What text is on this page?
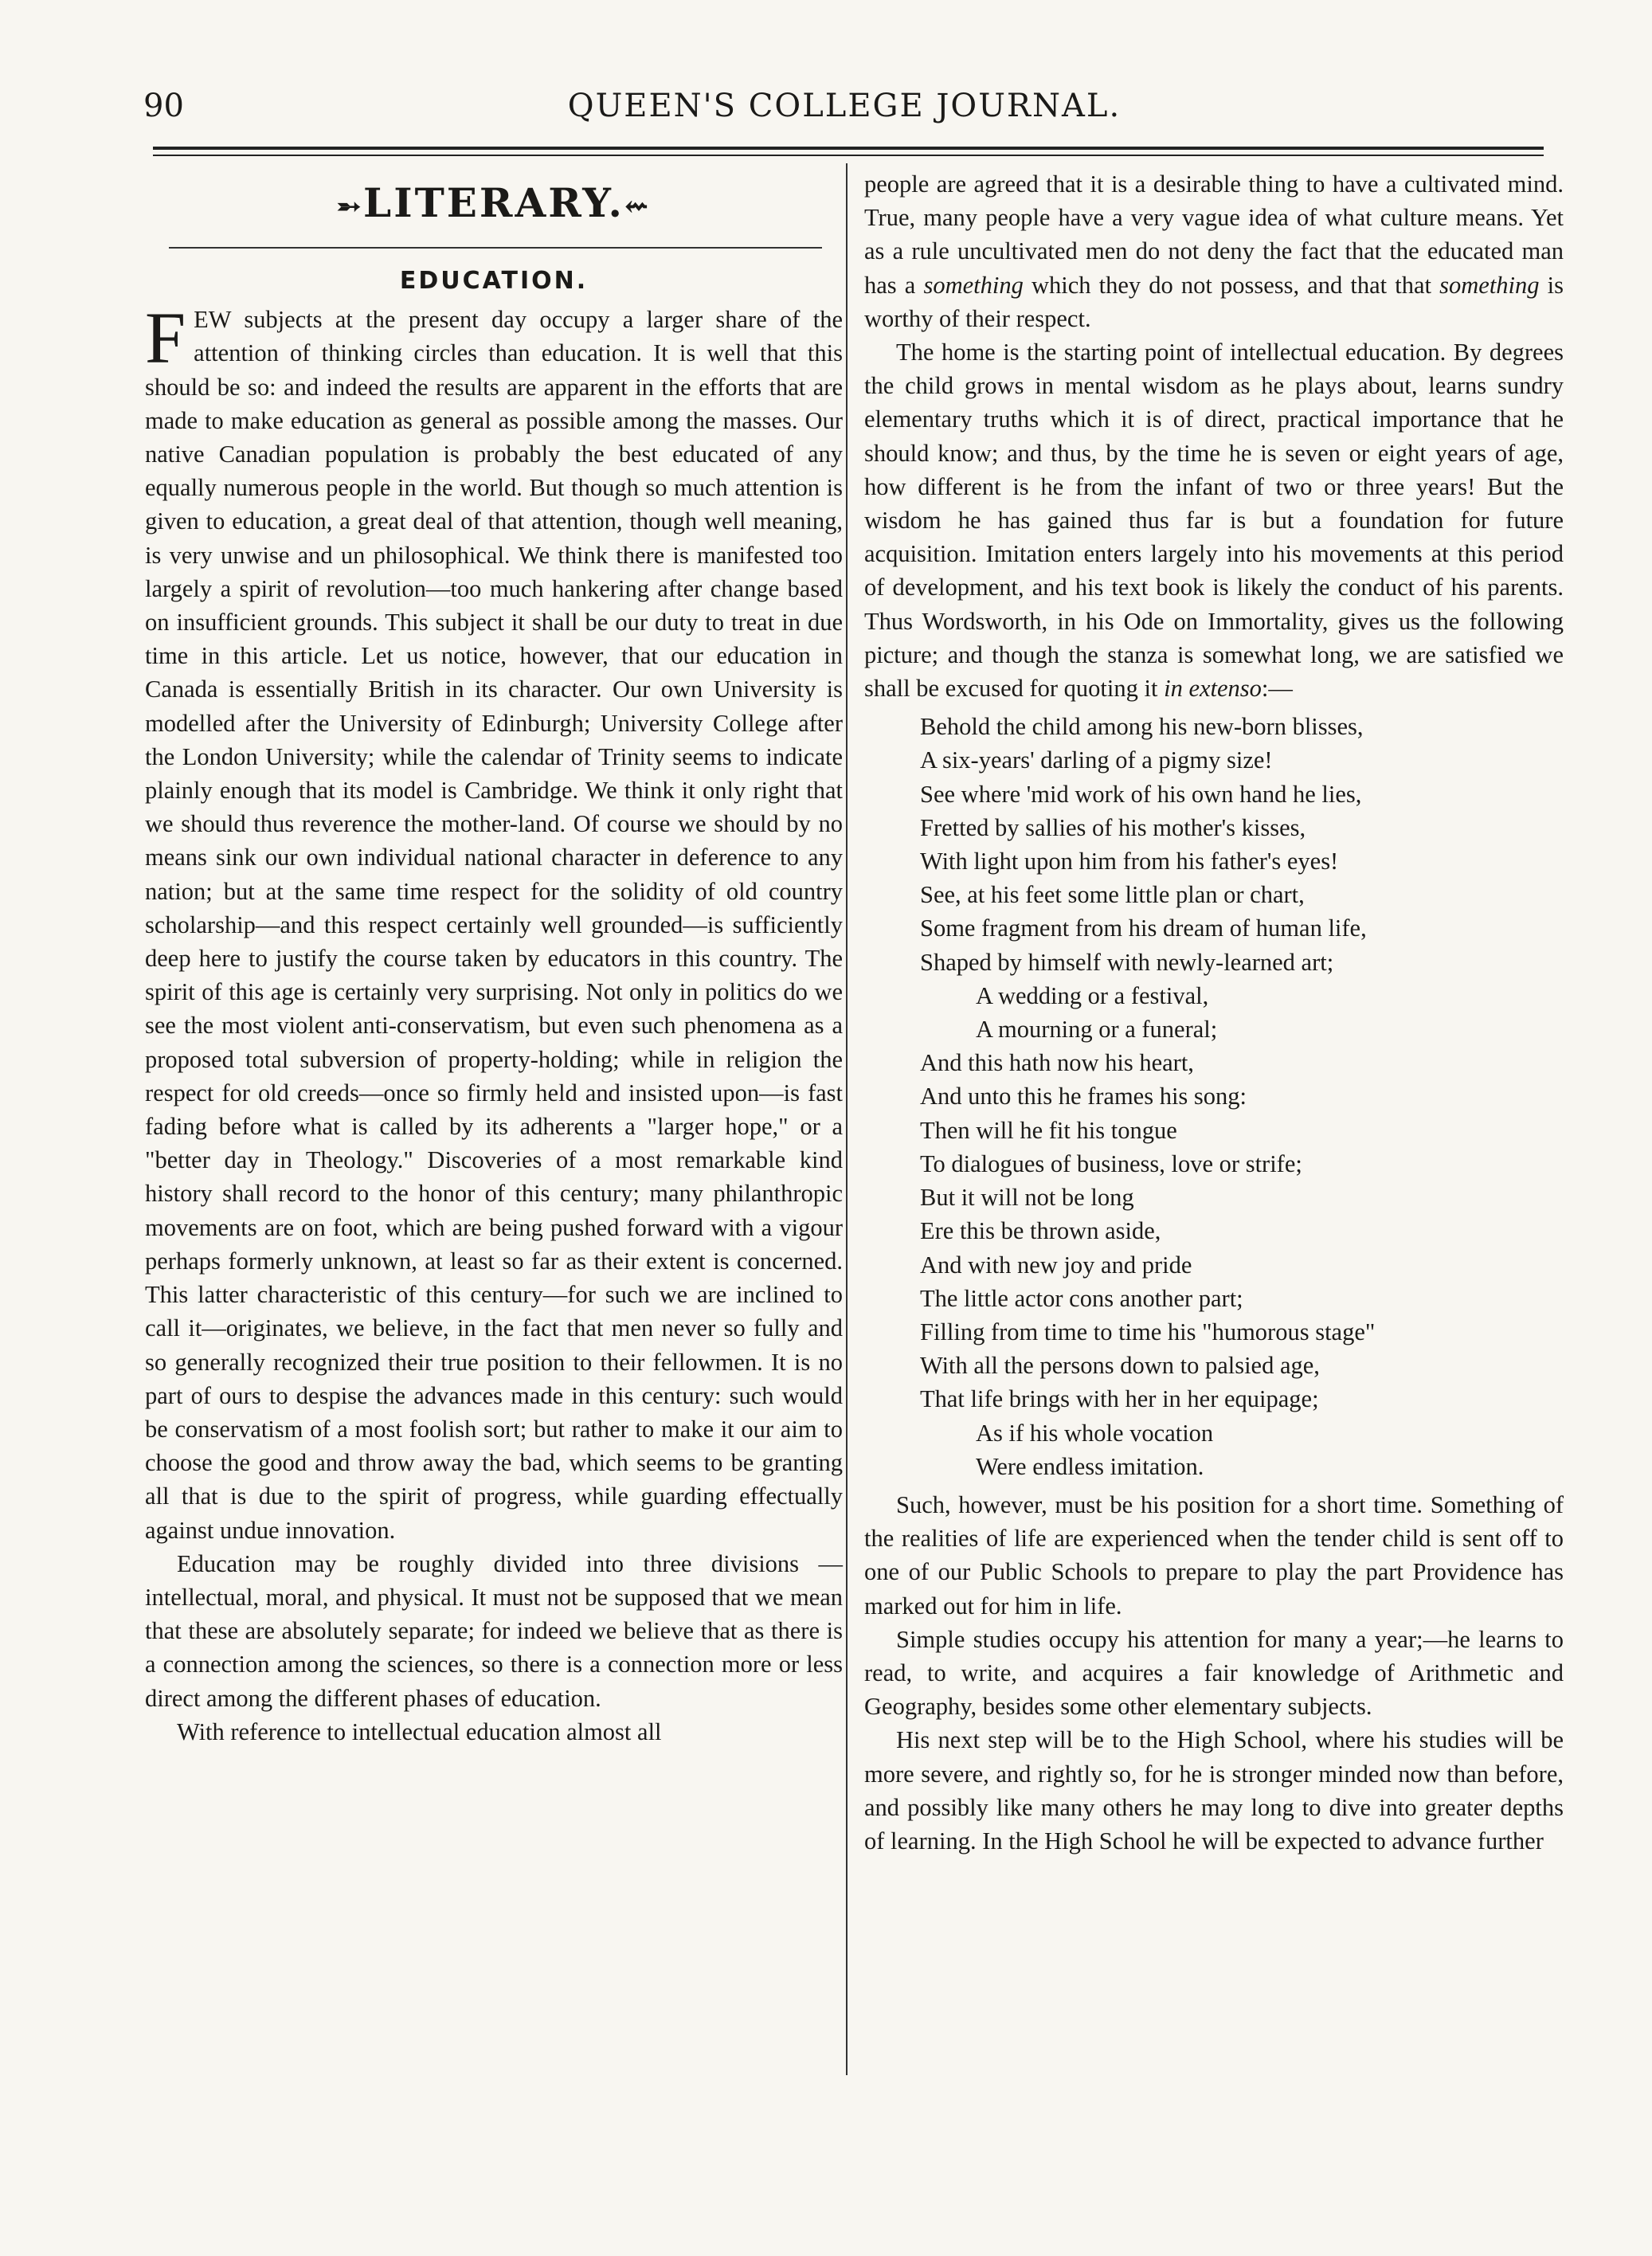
90	QUEEN'S COLLEGE JOURNAL.
➵LITERARY.⇜
EDUCATION.

FEW subjects at the present day occupy a larger share of the attention of thinking circles than education. It is well that this should be so: and indeed the results are apparent in the efforts that are made to make education as general as possible among the masses. Our native Canadian population is probably the best educated of any equally numerous people in the world. But though so much attention is given to education, a great deal of that attention, though well meaning, is very unwise and un philosophical. We think there is manifested too largely a spirit of revolution—too much hankering after change based on insufficient grounds. This subject it shall be our duty to treat in due time in this article. Let us notice, however, that our education in Canada is essentially British in its character. Our own University is modelled after the University of Edinburgh; University College after the London University; while the calendar of Trinity seems to indicate plainly enough that its model is Cambridge. We think it only right that we should thus reverence the mother-land. Of course we should by no means sink our own individual national character in deference to any nation; but at the same time respect for the solidity of old country scholarship—and this respect certainly well grounded—is sufficiently deep here to justify the course taken by educators in this country. The spirit of this age is certainly very surprising. Not only in politics do we see the most violent anti-conservatism, but even such phenomena as a proposed total subversion of property-holding; while in religion the respect for old creeds—once so firmly held and insisted upon—is fast fading before what is called by its adherents a "larger hope," or a "better day in Theology." Discoveries of a most remarkable kind history shall record to the honor of this century; many philanthropic movements are on foot, which are being pushed forward with a vigour perhaps formerly unknown, at least so far as their extent is concerned. This latter characteristic of this century—for such we are inclined to call it—originates, we believe, in the fact that men never so fully and so generally recognized their true position to their fellowmen. It is no part of ours to despise the advances made in this century: such would be conservatism of a most foolish sort; but rather to make it our aim to choose the good and throw away the bad, which seems to be granting all that is due to the spirit of progress, while guarding effectually against undue innovation.

Education may be roughly divided into three divisions —intellectual, moral, and physical. It must not be supposed that we mean that these are absolutely separate; for indeed we believe that as there is a connection among the sciences, so there is a connection more or less direct among the different phases of education.

With reference to intellectual education almost all

people are agreed that it is a desirable thing to have a cultivated mind. True, many people have a very vague idea of what culture means. Yet as a rule uncultivated men do not deny the fact that the educated man has a something which they do not possess, and that that something is worthy of their respect.

The home is the starting point of intellectual education. By degrees the child grows in mental wisdom as he plays about, learns sundry elementary truths which it is of direct, practical importance that he should know; and thus, by the time he is seven or eight years of age, how different is he from the infant of two or three years! But the wisdom he has gained thus far is but a foundation for future acquisition. Imitation enters largely into his movements at this period of development, and his text book is likely the conduct of his parents. Thus Wordsworth, in his Ode on Immortality, gives us the following picture; and though the stanza is somewhat long, we are satisfied we shall be excused for quoting it in extenso:—

Behold the child among his new-born blisses,
A six-years' darling of a pigmy size!
See where 'mid work of his own hand he lies,
Fretted by sallies of his mother's kisses,
With light upon him from his father's eyes!
See, at his feet some little plan or chart,
Some fragment from his dream of human life,
Shaped by himself with newly-learned art;
A wedding or a festival,
A mourning or a funeral;
And this hath now his heart,
And unto this he frames his song:
Then will he fit his tongue
To dialogues of business, love or strife;
But it will not be long
Ere this be thrown aside,
And with new joy and pride
The little actor cons another part;
Filling from time to time his "humorous stage"
With all the persons down to palsied age,
That life brings with her in her equipage;
As if his whole vocation
Were endless imitation.

Such, however, must be his position for a short time. Something of the realities of life are experienced when the tender child is sent off to one of our Public Schools to prepare to play the part Providence has marked out for him in life.

Simple studies occupy his attention for many a year;—he learns to read, to write, and acquires a fair knowledge of Arithmetic and Geography, besides some other elementary subjects.

His next step will be to the High School, where his studies will be more severe, and rightly so, for he is stronger minded now than before, and possibly like many others he may long to dive into greater depths of learning. In the High School he will be expected to advance further
